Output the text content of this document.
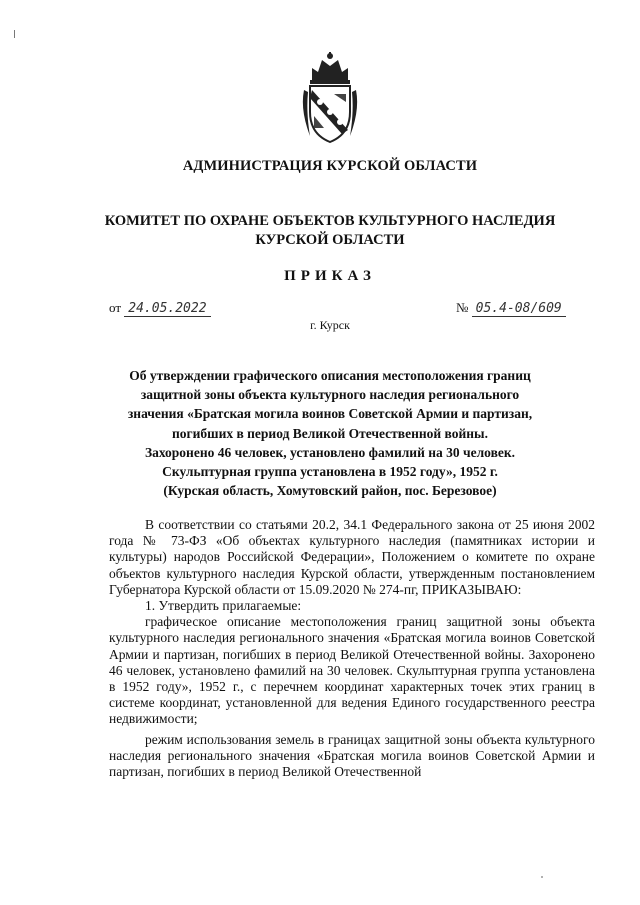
АДМИНИСТРАЦИЯ КУРСКОЙ ОБЛАСТИ
КОМИТЕТ ПО ОХРАНЕ ОБЪЕКТОВ КУЛЬТУРНОГО НАСЛЕДИЯ
КУРСКОЙ ОБЛАСТИ
ПРИКАЗ
от 24.05.2022	№ 05.4-08/609
г. Курск
Об утверждении графического описания местоположения границ
защитной зоны объекта культурного наследия регионального
значения «Братская могила воинов Советской Армии и партизан,
погибших в период Великой Отечественной войны.
Захоронено 46 человек, установлено фамилий на 30 человек.
Скульптурная группа установлена в 1952 году», 1952 г.
(Курская область, Хомутовский район, пос. Березовое)

В соответствии со статьями 20.2, 34.1 Федерального закона от 25 июня 2002 года № 73-ФЗ «Об объектах культурного наследия (памятниках истории и культуры) народов Российской Федерации», Положением о комитете по охране объектов культурного наследия Курской области, утвержденным постановлением Губернатора Курской области от 15.09.2020 № 274-пг, ПРИКАЗЫВАЮ:

1. Утвердить прилагаемые:

графическое описание местоположения границ защитной зоны объекта культурного наследия регионального значения «Братская могила воинов Советской Армии и партизан, погибших в период Великой Отечественной войны. Захоронено 46 человек, установлено фамилий на 30 человек. Скульптурная группа установлена в 1952 году», 1952 г., с перечнем координат характерных точек этих границ в системе координат, установленной для ведения Единого государственного реестра недвижимости;

режим использования земель в границах защитной зоны объекта культурного наследия регионального значения «Братская могила воинов Советской Армии и партизан, погибших в период Великой Отечественной
